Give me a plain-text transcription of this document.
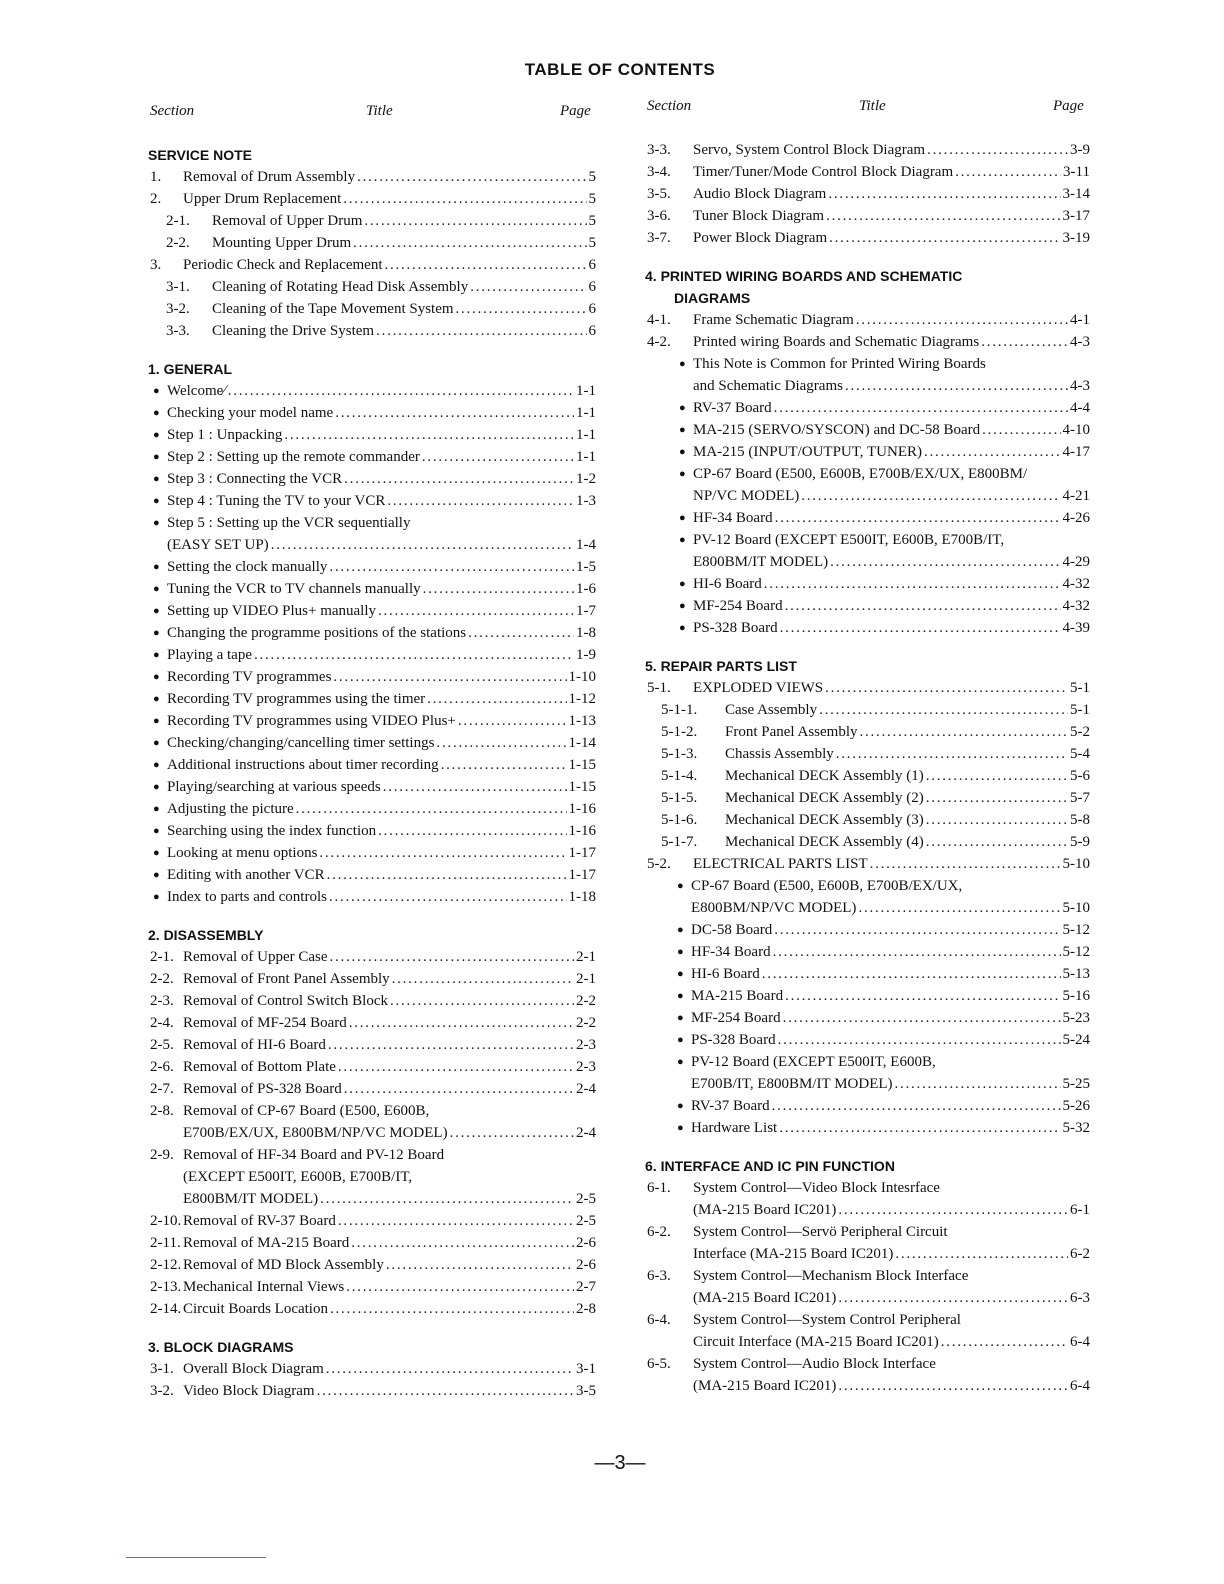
TABLE OF CONTENTS
Section	Title	Page
SERVICE NOTE
1.	Removal of Drum Assembly . . .	5
2.	Upper Drum Replacement . . .	5
2-1.	Removal of Upper Drum . . .	5
2-2.	Mounting Upper Drum . . .	5
3.	Periodic Check and Replacement . . .	6
3-1.	Cleaning of Rotating Head Disk Assembly . . .	6
3-2.	Cleaning of the Tape Movement System . . .	6
3-3.	Cleaning the Drive System . . .	6
1. GENERAL
● Welcome∕ . . .	1-1
● Checking your model name . . .	1-1
● Step 1 : Unpacking . . .	1-1
● Step 2 : Setting up the remote commander . . .	1-1
● Step 3 : Connecting the VCR . . .	1-2
● Step 4 : Tuning the TV to your VCR . . .	1-3
● Step 5 : Setting up the VCR sequentially
(EASY SET UP) . . .	1-4
● Setting the clock manually . . .	1-5
● Tuning the VCR to TV channels manually . . .	1-6
● Setting up VIDEO Plus+ manually . . .	1-7
● Changing the programme positions of the stations . . .	1-8
● Playing a tape . . .	1-9
● Recording TV programmes . . .	1-10
● Recording TV programmes using the timer . . .	1-12
● Recording TV programmes using VIDEO Plus+ . . .	1-13
● Checking/changing/cancelling timer settings . . .	1-14
● Additional instructions about timer recording . . .	1-15
● Playing/searching at various speeds . . .	1-15
● Adjusting the picture . . .	1-16
● Searching using the index function . . .	1-16
● Looking at menu options . . .	1-17
● Editing with another VCR . . .	1-17
● Index to parts and controls . . .	1-18
2. DISASSEMBLY
2-1. Removal of Upper Case . . .	2-1
2-2. Removal of Front Panel Assembly . . .	2-1
2-3. Removal of Control Switch Block . . .	2-2
2-4. Removal of MF-254 Board . . .	2-2
2-5. Removal of HI-6 Board . . .	2-3
2-6. Removal of Bottom Plate . . .	2-3
2-7. Removal of PS-328 Board . . .	2-4
2-8. Removal of CP-67 Board (E500, E600B,
E700B/EX/UX, E800BM/NP/VC MODEL) . . .	2-4
2-9. Removal of HF-34 Board and PV-12 Board
(EXCEPT E500IT, E600B, E700B/IT,
E800BM/IT MODEL) . . .	2-5
2-10. Removal of RV-37 Board . . .	2-5
2-11. Removal of MA-215 Board . . .	2-6
2-12. Removal of MD Block Assembly . . .	2-6
2-13. Mechanical Internal Views . . .	2-7
2-14. Circuit Boards Location . . .	2-8
3. BLOCK DIAGRAMS
3-1. Overall Block Diagram . . .	3-1
3-2. Video Block Diagram . . .	3-5
Section	Title	Page
3-3.	Servo, System Control Block Diagram . . .	3-9
3-4.	Timer/Tuner/Mode Control Block Diagram . . .	3-11
3-5.	Audio Block Diagram . . .	3-14
3-6.	Tuner Block Diagram . . .	3-17
3-7.	Power Block Diagram . . .	3-19
4. PRINTED WIRING BOARDS AND SCHEMATIC
DIAGRAMS
4-1.	Frame Schematic Diagram . . .	4-1
4-2.	Printed wiring Boards and Schematic Diagrams . . .	4-3
● This Note is Common for Printed Wiring Boards
and Schematic Diagrams . . .	4-3
● RV-37 Board . . .	4-4
● MA-215 (SERVO/SYSCON) and DC-58 Board . . .	4-10
● MA-215 (INPUT/OUTPUT, TUNER) . . .	4-17
● CP-67 Board (E500, E600B, E700B/EX/UX, E800BM/
NP/VC MODEL) . . .	4-21
● HF-34 Board . . .	4-26
● PV-12 Board (EXCEPT E500IT, E600B, E700B/IT,
E800BM/IT MODEL) . . .	4-29
● HI-6 Board . . .	4-32
● MF-254 Board . . .	4-32
● PS-328 Board . . .	4-39
5. REPAIR PARTS LIST
5-1.	EXPLODED VIEWS . . .	5-1
5-1-1.	Case Assembly . . .	5-1
5-1-2.	Front Panel Assembly . . .	5-2
5-1-3.	Chassis Assembly . . .	5-4
5-1-4.	Mechanical DECK Assembly (1) . . .	5-6
5-1-5.	Mechanical DECK Assembly (2) . . .	5-7
5-1-6.	Mechanical DECK Assembly (3) . . .	5-8
5-1-7.	Mechanical DECK Assembly (4) . . .	5-9
5-2.	ELECTRICAL PARTS LIST . . .	5-10
● CP-67 Board (E500, E600B, E700B/EX/UX,
E800BM/NP/VC MODEL) . . .	5-10
● DC-58 Board . . .	5-12
● HF-34 Board . . .	5-12
● HI-6 Board . . .	5-13
● MA-215 Board . . .	5-16
● MF-254 Board . . .	5-23
● PS-328 Board . . .	5-24
● PV-12 Board (EXCEPT E500IT, E600B,
E700B/IT, E800BM/IT MODEL) . . .	5-25
● RV-37 Board . . .	5-26
● Hardware List . . .	5-32
6. INTERFACE AND IC PIN FUNCTION
6-1.	System Control—Video Block Intesrface
(MA-215 Board IC201) . . .	6-1
6-2.	System Control—Servö Peripheral Circuit
Interface (MA-215 Board IC201) . . .	6-2
6-3.	System Control—Mechanism Block Interface
(MA-215 Board IC201) . . .	6-3
6-4.	System Control—System Control Peripheral
Circuit Interface (MA-215 Board IC201) . . .	6-4
6-5.	System Control—Audio Block Interface
(MA-215 Board IC201) . . .	6-4
—3—
